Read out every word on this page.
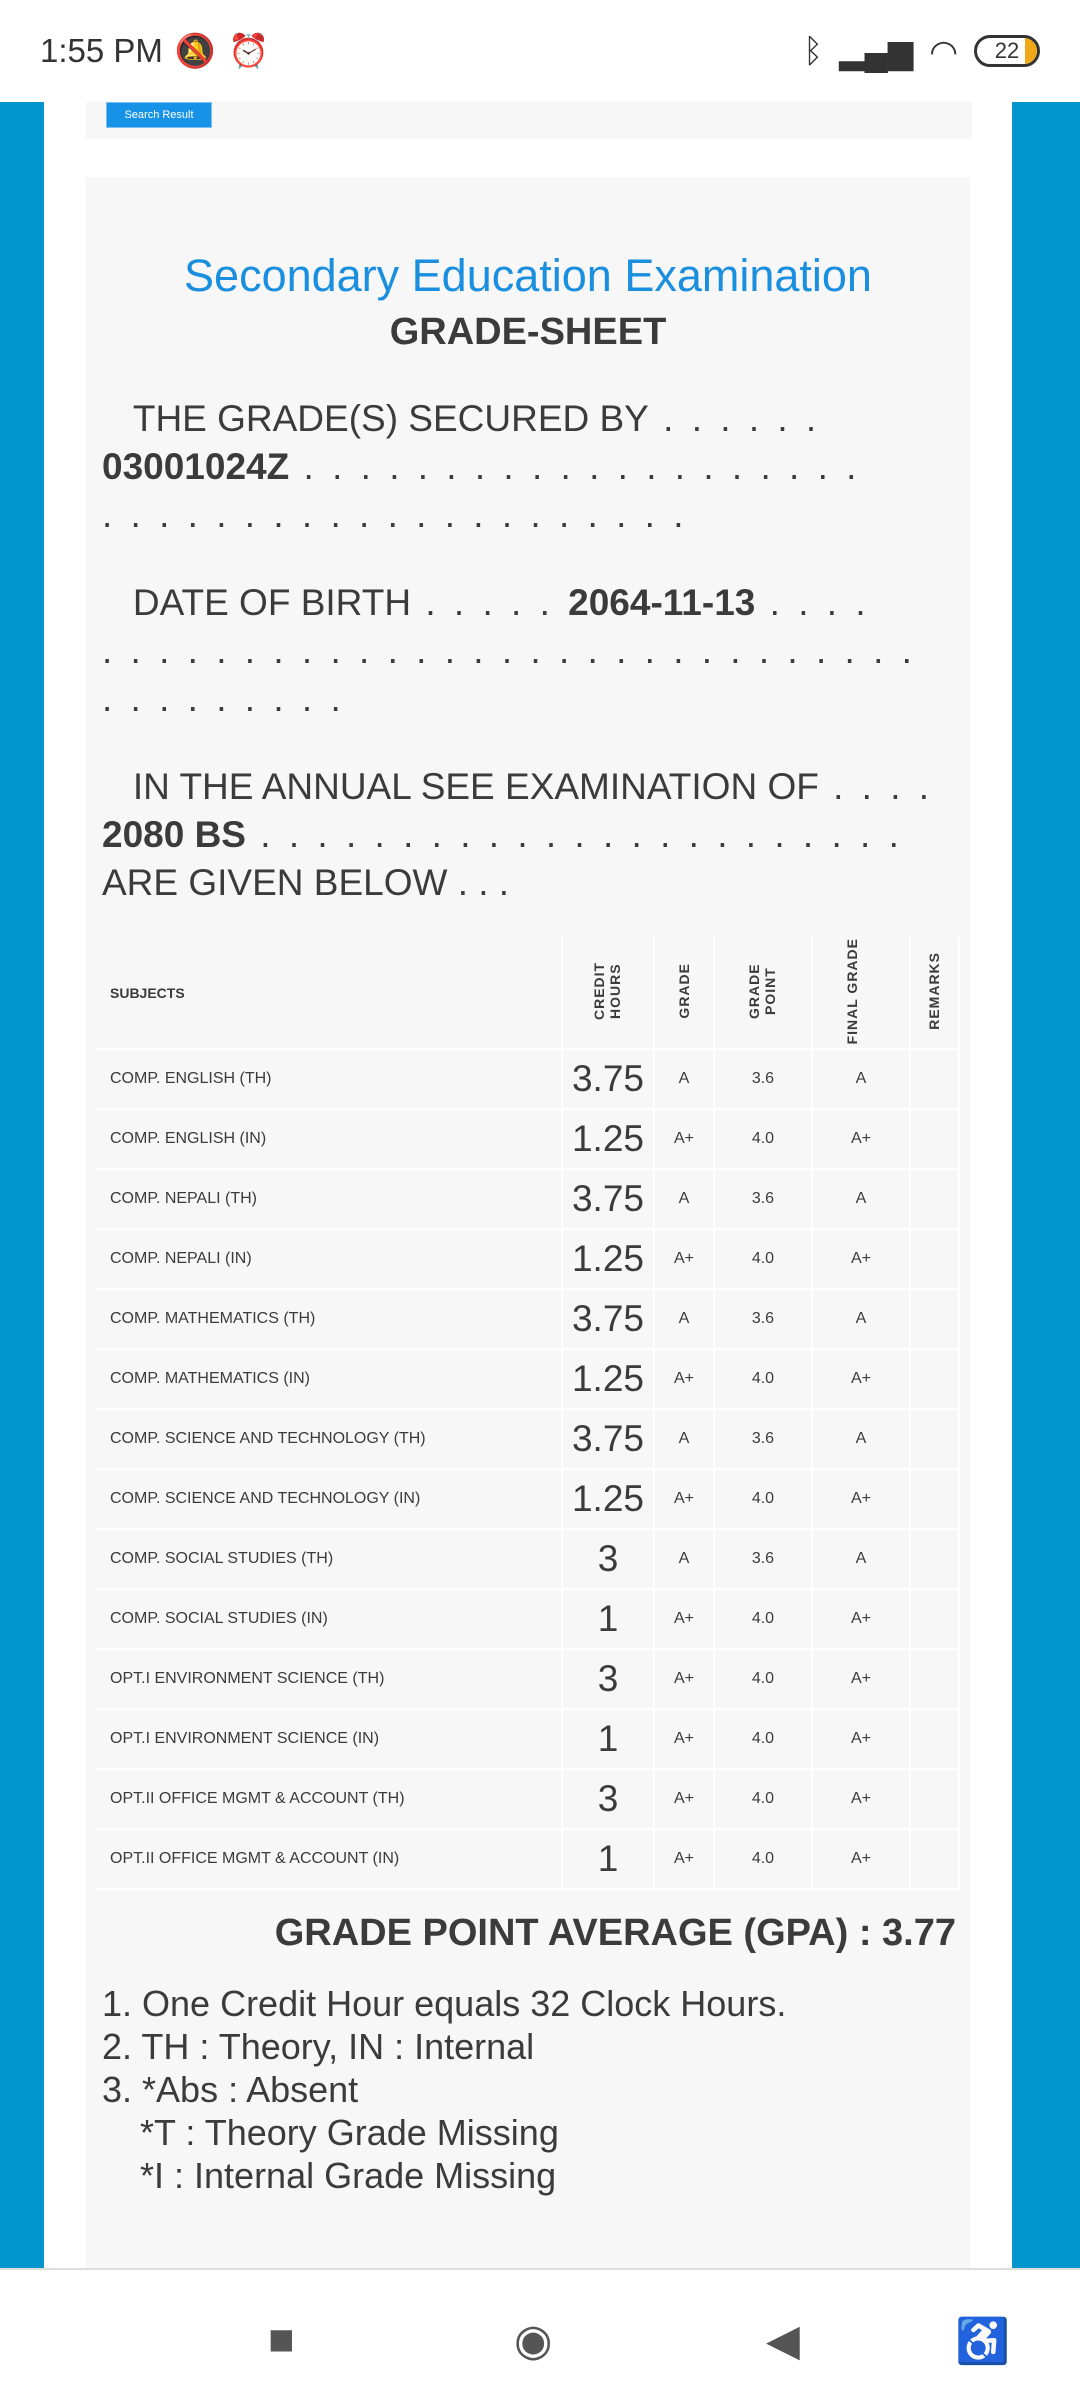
1:55 PM 🔕 ⏰	ᛒ ▂▄▆ ◠ 22
Search Result
Secondary Education Examination
GRADE-SHEET
THE GRADE(S) SECURED BY . . . . . .
03001024Z . . . . . . . . . . . . . . . . . . . .
. . . . . . . . . . . . . . . . . . . . .
DATE OF BIRTH . . . . . 2064-11-13 . . . .
. . . . . . . . . . . . . . . . . . . . . . . . . . . . .
. . . . . . . . .
IN THE ANNUAL SEE EXAMINATION OF . . . .
2080 BS . . . . . . . . . . . . . . . . . . . . . . .
ARE GIVEN BELOW . . .
SUBJECTS	CREDIT HOURS	GRADE	GRADE POINT	FINAL GRADE	REMARKS
COMP. ENGLISH (TH)	3.75	A	3.6	A	
COMP. ENGLISH (IN)	1.25	A+	4.0	A+	
COMP. NEPALI (TH)	3.75	A	3.6	A	
COMP. NEPALI (IN)	1.25	A+	4.0	A+	
COMP. MATHEMATICS (TH)	3.75	A	3.6	A	
COMP. MATHEMATICS (IN)	1.25	A+	4.0	A+	
COMP. SCIENCE AND TECHNOLOGY (TH)	3.75	A	3.6	A	
COMP. SCIENCE AND TECHNOLOGY (IN)	1.25	A+	4.0	A+	
COMP. SOCIAL STUDIES (TH)	3	A	3.6	A	
COMP. SOCIAL STUDIES (IN)	1	A+	4.0	A+	
OPT.I ENVIRONMENT SCIENCE (TH)	3	A+	4.0	A+	
OPT.I ENVIRONMENT SCIENCE (IN)	1	A+	4.0	A+	
OPT.II OFFICE MGMT & ACCOUNT (TH)	3	A+	4.0	A+	
OPT.II OFFICE MGMT & ACCOUNT (IN)	1	A+	4.0	A+	
GRADE POINT AVERAGE (GPA) : 3.77
1. One Credit Hour equals 32 Clock Hours.
2. TH : Theory, IN : Internal
3. *Abs : Absent
*T : Theory Grade Missing
*I : Internal Grade Missing
■	◉	◀	♿
